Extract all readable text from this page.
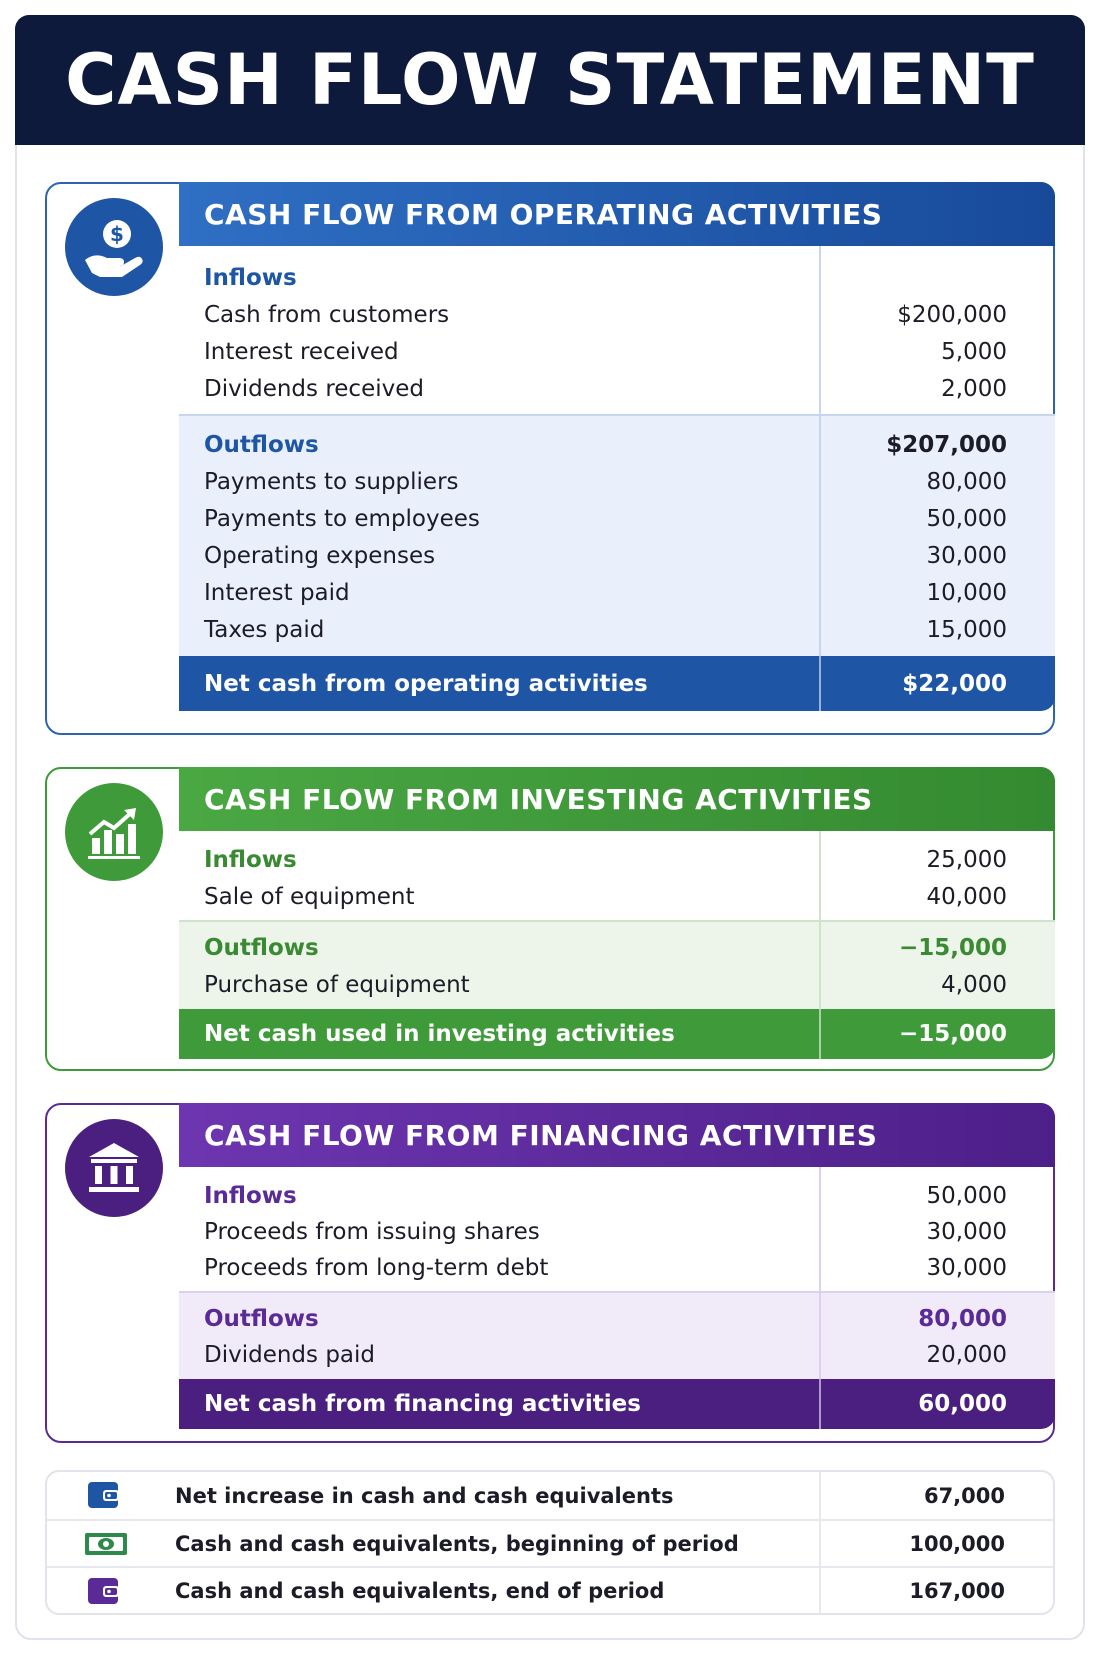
CASH FLOW STATEMENT
$
CASH FLOW FROM OPERATING ACTIVITIES
Inflows
Cash from customers	$200,000
Interest received	5,000
Dividends received	2,000
Outflows	$207,000
Payments to suppliers	80,000
Payments to employees	50,000
Operating expenses	30,000
Interest paid	10,000
Taxes paid	15,000
Net cash from operating activities	$22,000
CASH FLOW FROM INVESTING ACTIVITIES
Inflows	25,000
Sale of equipment	40,000
Outflows	−15,000
Purchase of equipment	4,000
Net cash used in investing activities	−15,000
CASH FLOW FROM FINANCING ACTIVITIES
Inflows	50,000
Proceeds from issuing shares	30,000
Proceeds from long-term debt	30,000
Outflows	80,000
Dividends paid	20,000
Net cash from financing activities	60,000
Net increase in cash and cash equivalents	67,000
Cash and cash equivalents, beginning of period	100,000
Cash and cash equivalents, end of period	167,000
